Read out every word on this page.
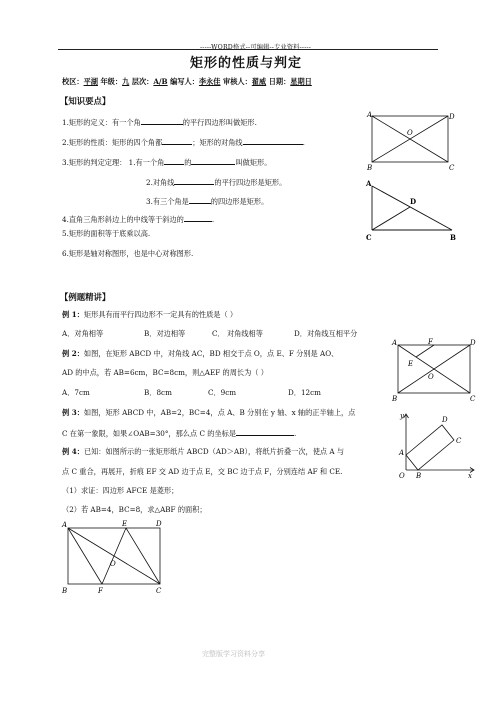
-----WORD格式--可编辑--专业资料-----
矩形的性质与判定
校区：平湖 年级：九 层次：A/B 编写人：李永佳 审核人：翟威 日期：星期日
【知识要点】
1.矩形的定义：有一个角	的平行四边形叫做矩形.
2.矩形的性质：矩形的四个角都	；矩形的对角线	.
3.矩形的判定定理： 1.有一个角	的	叫做矩形。
2.对角线	的平行四边形是矩形。
3.有三个角是	的四边形是矩形。
4.直角三角形斜边上的中线等于斜边的	.
5.矩形的面积等于底乘以高.
6.矩形是轴对称图形，也是中心对称图形.
A	D
O
B	C
A
D
C	B
【例题精讲】
例 1：矩形具有而平行四边形不一定具有的性质是（ ）
A．对角相等	B．对边相等	C． 对角线相等	D．对角线互相平分
例 2：如图，在矩形 ABCD 中，对角线 AC，BD 相交于点 O，点 E、F 分别是 AO、
AD 的中点，若 AB=6cm，BC=8cm，则△AEF 的周长为（ ）
A．7cm	B．8cm	C．9cm	D．12cm
例 3：如图，矩形 ABCD 中，AB=2，BC=4，点 A、B 分别在 y 轴、x 轴的正半轴上，点
C 在第一象限，如果∠OAB=30°，那么点 C 的坐标是	.
例 4：已知：如图所示的一张矩形纸片 ABCD（AD＞AB），将纸片折叠一次，使点 A 与
点 C 重合，再展开，折痕 EF 交 AD 边于点 E，交 BC 边于点 F，分别连结 AF 和 CE.
（1）求证：四边形 AFCE 是菱形；
（2）若 AB=4，BC=8，求△ABF 的面积；
A	F	D
E
O
B	C
y	D
C
A
O B	x
A	E	D
O
B	F	C
完整版学习资料分享
